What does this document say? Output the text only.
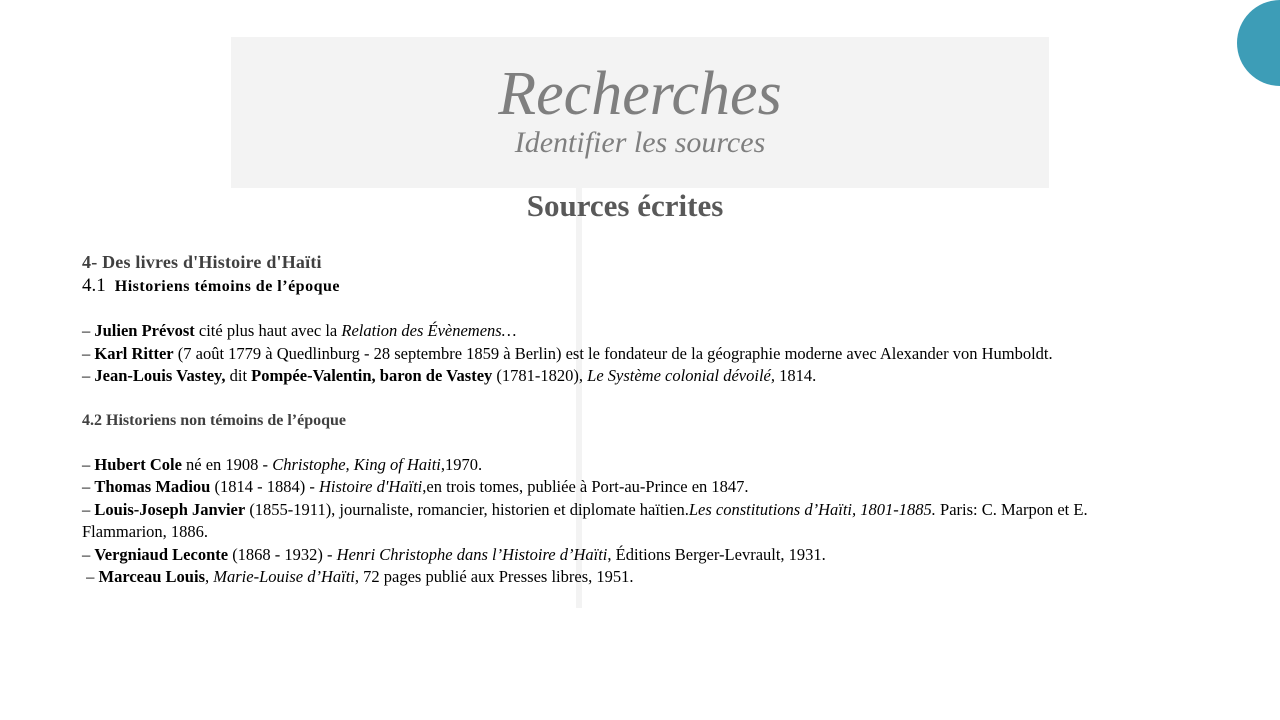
Recherches
Identifier les sources
Sources écrites

4- Des livres d'Histoire d'Haïti

4.1 Historiens témoins de l’époque

– Julien Prévost cité plus haut avec la Relation des Évènemens…

– Karl Ritter (7 août 1779 à Quedlinburg - 28 septembre 1859 à Berlin) est le fondateur de la géographie moderne avec Alexander von Humboldt.

– Jean-Louis Vastey, dit Pompée-Valentin, baron de Vastey (1781-1820), Le Système colonial dévoilé, 1814.

4.2 Historiens non témoins de l’époque

– Hubert Cole né en 1908 - Christophe, King of Haiti,1970.

– Thomas Madiou (1814 - 1884) - Histoire d'Haïti,en trois tomes, publiée à Port-au-Prince en 1847.

– Louis-Joseph Janvier (1855-1911), journaliste, romancier, historien et diplomate haïtien.Les constitutions d’Haïti, 1801-1885. Paris: C. Marpon et E. Flammarion, 1886.

– Vergniaud Leconte (1868 - 1932) - Henri Christophe dans l’Histoire d’Haïti, Éditions Berger-Levrault, 1931.

– Marceau Louis, Marie-Louise d’Haïti, 72 pages publié aux Presses libres, 1951.
